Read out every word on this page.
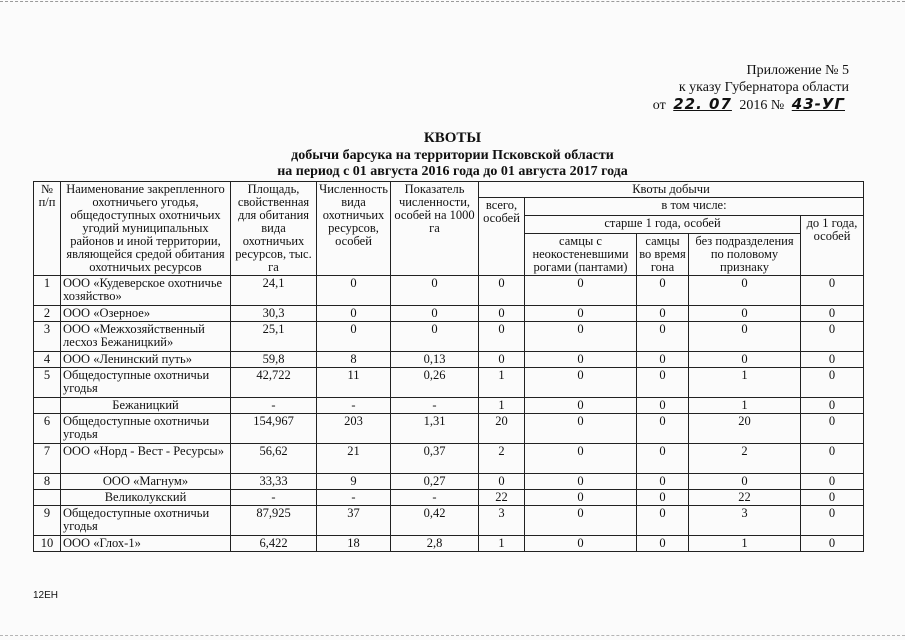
Приложение № 5
к указу Губернатора области
от 22. 07 2016 № 43-УГ
КВОТЫ
добычи барсука на территории Псковской области
на период с 01 августа 2016 года до 01 августа 2017 года
№ п/п	Наименование закрепленного охотничьего угодья, общедоступных охотничьих угодий муниципальных районов и иной территории, являющейся средой обитания охотничьих ресурсов	Площадь, свойственная для обитания вида охотничьих ресурсов, тыс. га	Численность вида охотничьих ресурсов, особей	Показатель численности, особей на 1000 га	Квоты добычи				
					всего, особей	в том числе:			
						старше 1 года, особей			до 1 года, особей
						самцы с неокостеневшими рогами (пантами)	самцы во время гона	без подразделения по половому признаку	
1	ООО «Кудеверское охотничье хозяйство»	24,1	0	0	0	0	0	0	0
2	ООО «Озерное»	30,3	0	0	0	0	0	0	0
3	ООО «Межхозяйственный лесхоз Бежаницкий»	25,1	0	0	0	0	0	0	0
4	ООО «Ленинский путь»	59,8	8	0,13	0	0	0	0	0
5	Общедоступные охотничьи угодья	42,722	11	0,26	1	0	0	1	0
	Бежаницкий	-	-	-	1	0	0	1	0
6	Общедоступные охотничьи угодья	154,967	203	1,31	20	0	0	20	0
7	ООО «Норд - Вест - Ресурсы»	56,62	21	0,37	2	0	0	2	0
8	ООО «Магнум»	33,33	9	0,27	0	0	0	0	0
	Великолукский	-	-	-	22	0	0	22	0
9	Общедоступные охотничьи угодья	87,925	37	0,42	3	0	0	3	0
10	ООО «Глох-1»	6,422	18	2,8	1	0	0	1	0
12ЕН
